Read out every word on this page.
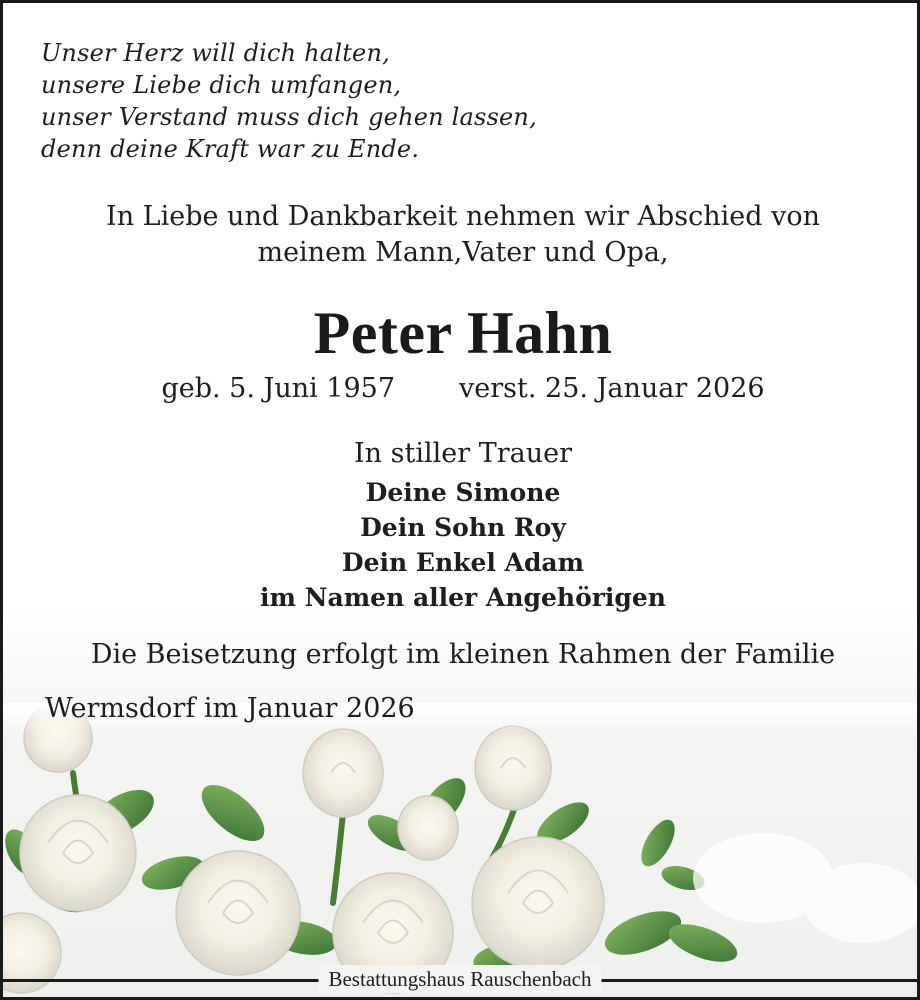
Unser Herz will dich halten,
unsere Liebe dich umfangen,
unser Verstand muss dich gehen lassen,
denn deine Kraft war zu Ende.
In Liebe und Dankbarkeit nehmen wir Abschied von
meinem Mann,Vater und Opa,
Peter Hahn
geb. 5. Juni 1957 verst. 25. Januar 2026
In stiller Trauer
Deine Simone
Dein Sohn Roy
Dein Enkel Adam
im Namen aller Angehörigen
Die Beisetzung erfolgt im kleinen Rahmen der Familie
Wermsdorf im Januar 2026
Bestattungshaus Rauschenbach
